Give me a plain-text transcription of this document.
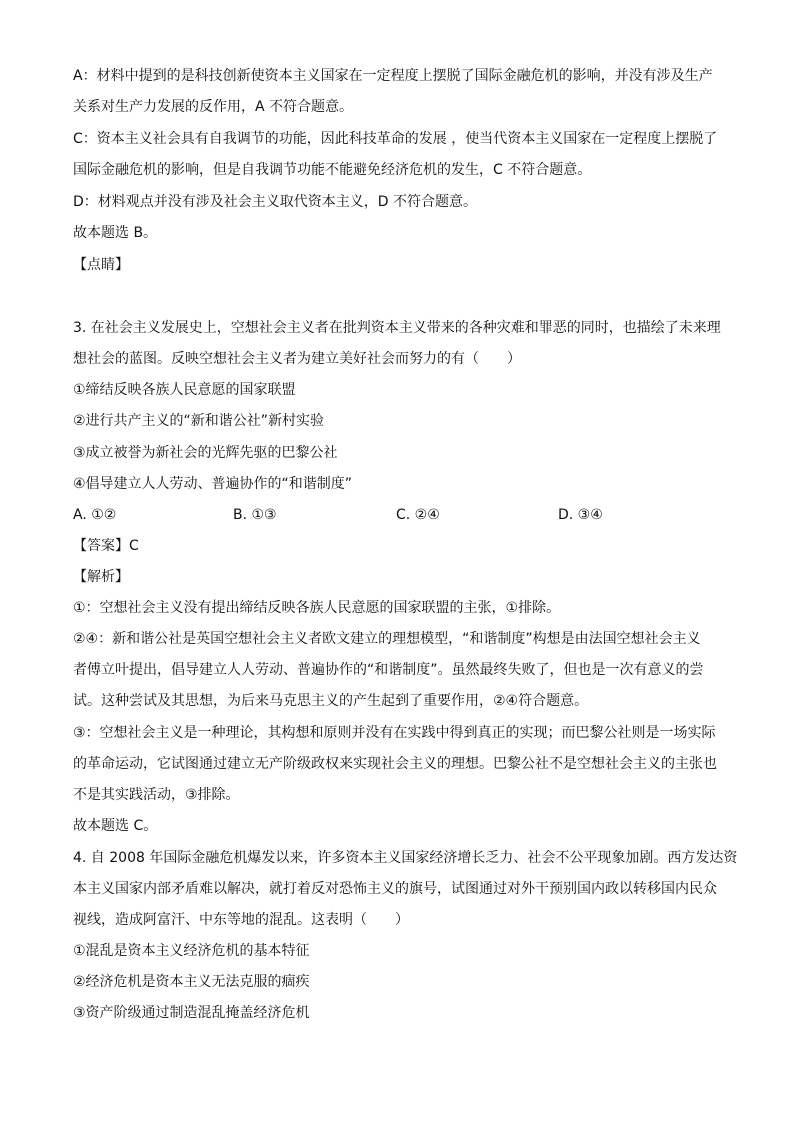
A：材料中提到的是科技创新使资本主义国家在一定程度上摆脱了国际金融危机的影响，并没有涉及生产
关系对生产力发展的反作用，A 不符合题意。
C：资本主义社会具有自我调节的功能，因此科技革命的发展 ，使当代资本主义国家在一定程度上摆脱了
国际金融危机的影响，但是自我调节功能不能避免经济危机的发生，C 不符合题意。
D：材料观点并没有涉及社会主义取代资本主义，D 不符合题意。
故本题选 B。
【点睛】
3. 在社会主义发展史上，空想社会主义者在批判资本主义带来的各种灾难和罪恶的同时，也描绘了未来理
想社会的蓝图。反映空想社会主义者为建立美好社会而努力的有（　　）
①缔结反映各族人民意愿的国家联盟
②进行共产主义的“新和谐公社”新村实验
③成立被誉为新社会的光辉先驱的巴黎公社
④倡导建立人人劳动、普遍协作的“和谐制度”
A. ①②	B. ①③	C. ②④	D. ③④
【答案】C
【解析】
①：空想社会主义没有提出缔结反映各族人民意愿的国家联盟的主张，①排除。
②④：新和谐公社是英国空想社会主义者欧文建立的理想模型，“和谐制度”构想是由法国空想社会主义
者傅立叶提出，倡导建立人人劳动、普遍协作的“和谐制度”。虽然最终失败了，但也是一次有意义的尝
试。这种尝试及其思想，为后来马克思主义的产生起到了重要作用，②④符合题意。
③：空想社会主义是一种理论，其构想和原则并没有在实践中得到真正的实现；而巴黎公社则是一场实际
的革命运动，它试图通过建立无产阶级政权来实现社会主义的理想。巴黎公社不是空想社会主义的主张也
不是其实践活动，③排除。
故本题选 C。
4. 自 2008 年国际金融危机爆发以来，许多资本主义国家经济增长乏力、社会不公平现象加剧。西方发达资
本主义国家内部矛盾难以解决，就打着反对恐怖主义的旗号，试图通过对外干预别国内政以转移国内民众
视线，造成阿富汗、中东等地的混乱。这表明（　　）
①混乱是资本主义经济危机的基本特征
②经济危机是资本主义无法克服的痼疾
③资产阶级通过制造混乱掩盖经济危机
